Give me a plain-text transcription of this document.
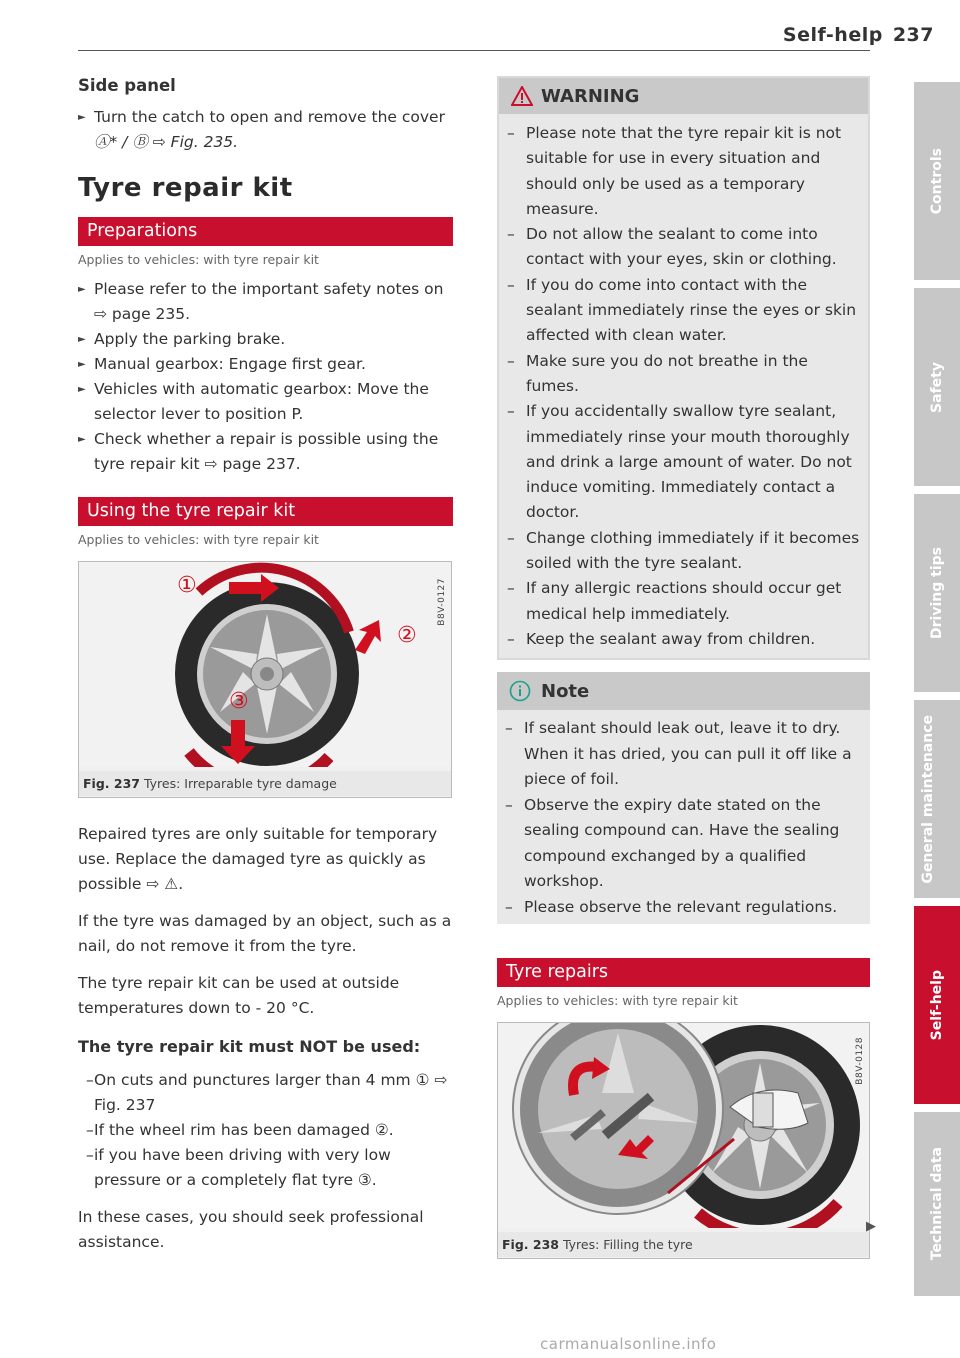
Self-help 237
Side panel
► Turn the catch to open and remove the cover
Ⓐ* / Ⓑ ⇨ Fig. 235.
Tyre repair kit
Preparations
Applies to vehicles: with tyre repair kit
► Please refer to the important safety notes on ⇨ page 235.
► Apply the parking brake.
► Manual gearbox: Engage first gear.
► Vehicles with automatic gearbox: Move the selector lever to position P.
► Check whether a repair is possible using the tyre repair kit ⇨ page 237.
Using the tyre repair kit
Applies to vehicles: with tyre repair kit
①
②
③
B8V-0127
Fig. 237 Tyres: Irreparable tyre damage
Repaired tyres are only suitable for temporary use. Replace the damaged tyre as quickly as possible ⇨ ⚠.
If the tyre was damaged by an object, such as a nail, do not remove it from the tyre.
The tyre repair kit can be used at outside temperatures down to - 20 °C.
The tyre repair kit must NOT be used:
– On cuts and punctures larger than 4 mm ① ⇨ Fig. 237
– If the wheel rim has been damaged ②.
– if you have been driving with very low pressure or a completely flat tyre ③.
In these cases, you should seek professional assistance.
WARNING
– Please note that the tyre repair kit is not suitable for use in every situation and should only be used as a temporary measure.
– Do not allow the sealant to come into contact with your eyes, skin or clothing.
– If you do come into contact with the sealant immediately rinse the eyes or skin affected with clean water.
– Make sure you do not breathe in the fumes.
– If you accidentally swallow tyre sealant, immediately rinse your mouth thoroughly and drink a large amount of water. Do not induce vomiting. Immediately contact a doctor.
– Change clothing immediately if it becomes soiled with the tyre sealant.
– If any allergic reactions should occur get medical help immediately.
– Keep the sealant away from children.
Note
– If sealant should leak out, leave it to dry. When it has dried, you can pull it off like a piece of foil.
– Observe the expiry date stated on the sealing compound can. Have the sealing compound exchanged by a qualified workshop.
– Please observe the relevant regulations.
Tyre repairs
Applies to vehicles: with tyre repair kit
B8V-0128
Fig. 238 Tyres: Filling the tyre
▶
Controls
Safety
Driving tips
General maintenance
Self-help
Technical data
carmanualsonline.info
